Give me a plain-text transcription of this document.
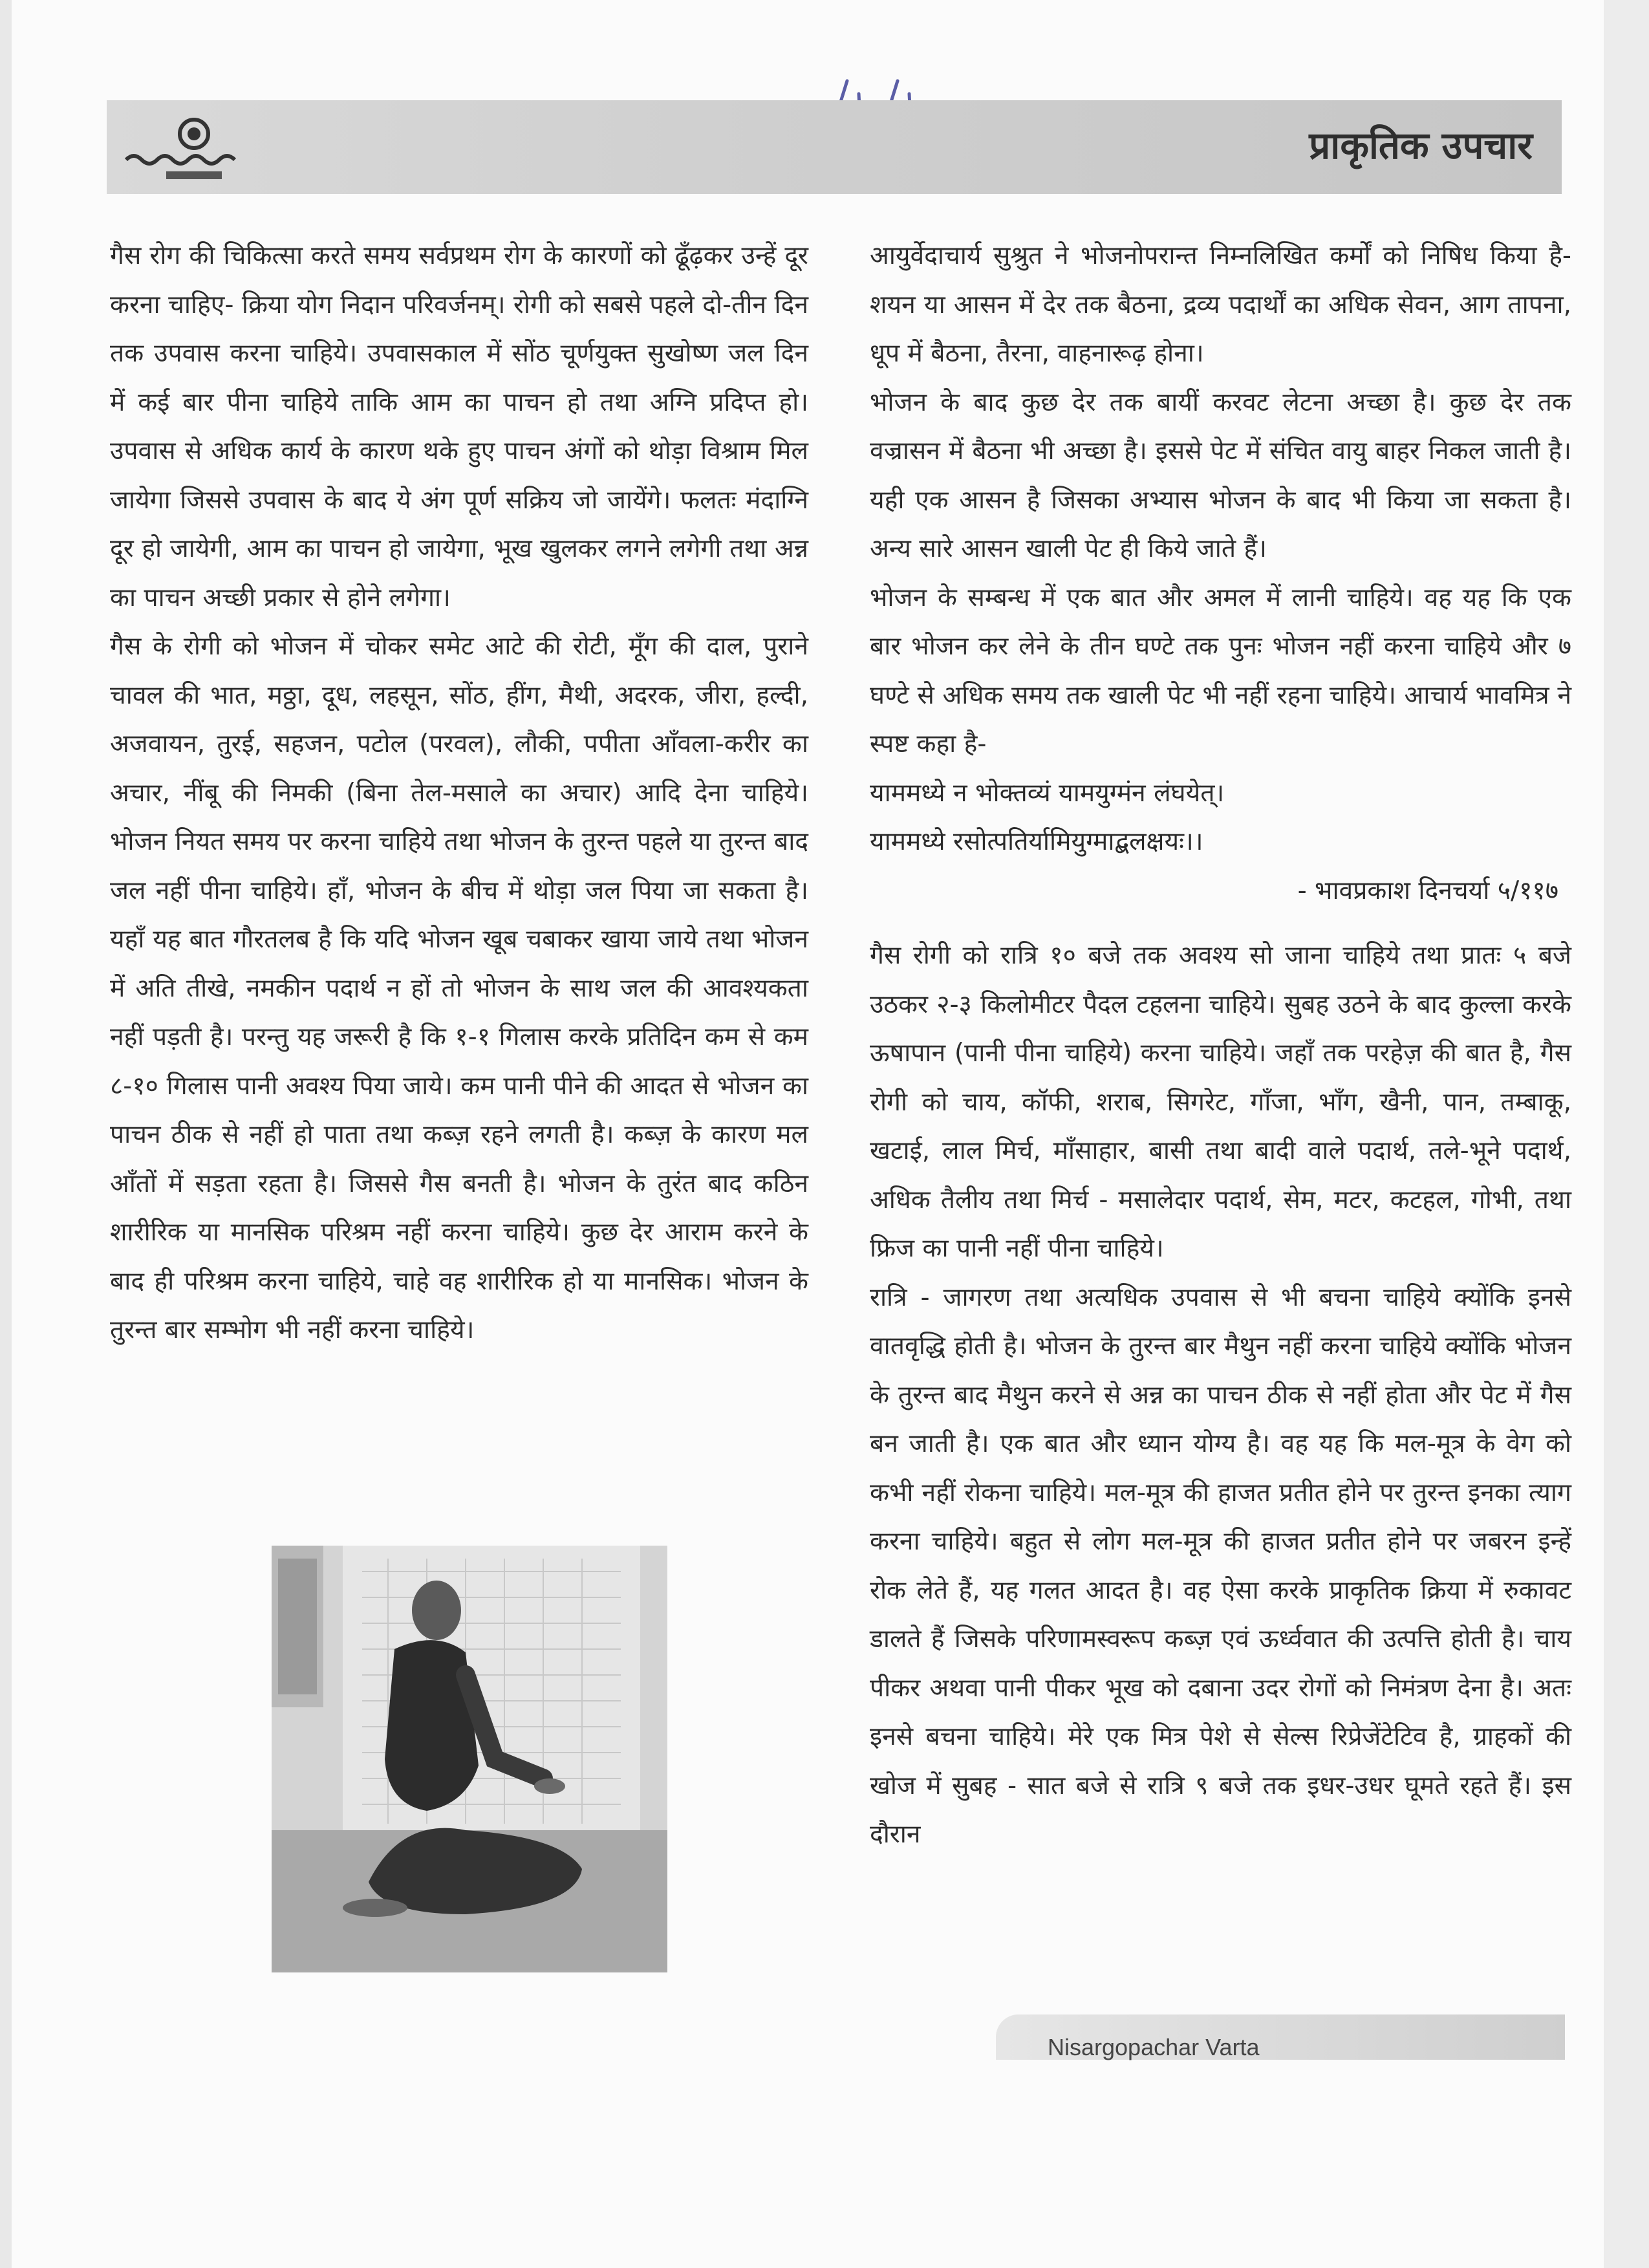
प्राकृतिक उपचार

गैस रोग की चिकित्सा करते समय सर्वप्रथम रोग के कारणों को ढूँढ़कर उन्हें दूर करना चाहिए- क्रिया योग निदान परिवर्जनम्। रोगी को सबसे पहले दो-तीन दिन तक उपवास करना चाहिये। उपवासकाल में सोंठ चूर्णयुक्त सुखोष्ण जल दिन में कई बार पीना चाहिये ताकि आम का पाचन हो तथा अग्नि प्रदिप्त हो। उपवास से अधिक कार्य के कारण थके हुए पाचन अंगों को थोड़ा विश्राम मिल जायेगा जिससे उपवास के बाद ये अंग पूर्ण सक्रिय जो जायेंगे। फलतः मंदाग्नि दूर हो जायेगी, आम का पाचन हो जायेगा, भूख खुलकर लगने लगेगी तथा अन्न का पाचन अच्छी प्रकार से होने लगेगा।

गैस के रोगी को भोजन में चोकर समेट आटे की रोटी, मूँग की दाल, पुराने चावल की भात, मठ्ठा, दूध, लहसून, सोंठ, हींग, मैथी, अदरक, जीरा, हल्दी, अजवायन, तुरई, सहजन, पटोल (परवल), लौकी, पपीता आँवला-करीर का अचार, नींबू की निमकी (बिना तेल-मसाले का अचार) आदि देना चाहिये। भोजन नियत समय पर करना चाहिये तथा भोजन के तुरन्त पहले या तुरन्त बाद जल नहीं पीना चाहिये। हाँ, भोजन के बीच में थोड़ा जल पिया जा सकता है। यहाँ यह बात गौरतलब है कि यदि भोजन खूब चबाकर खाया जाये तथा भोजन में अति तीखे, नमकीन पदार्थ न हों तो भोजन के साथ जल की आवश्यकता नहीं पड़ती है। परन्तु यह जरूरी है कि १-१ गिलास करके प्रतिदिन कम से कम ८-१० गिलास पानी अवश्य पिया जाये। कम पानी पीने की आदत से भोजन का पाचन ठीक से नहीं हो पाता तथा कब्ज़ रहने लगती है। कब्ज़ के कारण मल आँतों में सड़ता रहता है। जिससे गैस बनती है। भोजन के तुरंत बाद कठिन शारीरिक या मानसिक परिश्रम नहीं करना चाहिये। कुछ देर आराम करने के बाद ही परिश्रम करना चाहिये, चाहे वह शारीरिक हो या मानसिक। भोजन के तुरन्त बार सम्भोग भी नहीं करना चाहिये।

आयुर्वेदाचार्य सुश्रुत ने भोजनोपरान्त निम्नलिखित कर्मों को निषिध किया है- शयन या आसन में देर तक बैठना, द्रव्य पदार्थों का अधिक सेवन, आग तापना, धूप में बैठना, तैरना, वाहनारूढ़ होना।

भोजन के बाद कुछ देर तक बायीं करवट लेटना अच्छा है। कुछ देर तक वज्रासन में बैठना भी अच्छा है। इससे पेट में संचित वायु बाहर निकल जाती है। यही एक आसन है जिसका अभ्यास भोजन के बाद भी किया जा सकता है। अन्य सारे आसन खाली पेट ही किये जाते हैं।

भोजन के सम्बन्ध में एक बात और अमल में लानी चाहिये। वह यह कि एक बार भोजन कर लेने के तीन घण्टे तक पुनः भोजन नहीं करना चाहिये और ७ घण्टे से अधिक समय तक खाली पेट भी नहीं रहना चाहिये। आचार्य भावमित्र ने स्पष्ट कहा है-

याममध्ये न भोक्तव्यं यामयुग्मंन लंघयेत्।

याममध्ये रसोत्पतिर्यामियुग्माद्बलक्षयः।।

- भावप्रकाश दिनचर्या ५/११७

गैस रोगी को रात्रि १० बजे तक अवश्य सो जाना चाहिये तथा प्रातः ५ बजे उठकर २-३ किलोमीटर पैदल टहलना चाहिये। सुबह उठने के बाद कुल्ला करके ऊषापान (पानी पीना चाहिये) करना चाहिये। जहाँ तक परहेज़ की बात है, गैस रोगी को चाय, कॉफी, शराब, सिगरेट, गाँजा, भाँग, खैनी, पान, तम्बाकू, खटाई, लाल मिर्च, माँसाहार, बासी तथा बादी वाले पदार्थ, तले-भूने पदार्थ, अधिक तैलीय तथा मिर्च - मसालेदार पदार्थ, सेम, मटर, कटहल, गोभी, तथा फ्रिज का पानी नहीं पीना चाहिये।

रात्रि - जागरण तथा अत्यधिक उपवास से भी बचना चाहिये क्योंकि इनसे वातवृद्धि होती है। भोजन के तुरन्त बार मैथुन नहीं करना चाहिये क्योंकि भोजन के तुरन्त बाद मैथुन करने से अन्न का पाचन ठीक से नहीं होता और पेट में गैस बन जाती है। एक बात और ध्यान योग्य है। वह यह कि मल-मूत्र के वेग को कभी नहीं रोकना चाहिये। मल-मूत्र की हाजत प्रतीत होने पर तुरन्त इनका त्याग करना चाहिये। बहुत से लोग मल-मूत्र की हाजत प्रतीत होने पर जबरन इन्हें रोक लेते हैं, यह गलत आदत है। वह ऐसा करके प्राकृतिक क्रिया में रुकावट डालते हैं जिसके परिणामस्वरूप कब्ज़ एवं ऊर्ध्ववात की उत्पत्ति होती है। चाय पीकर अथवा पानी पीकर भूख को दबाना उदर रोगों को निमंत्रण देना है। अतः इनसे बचना चाहिये। मेरे एक मित्र पेशे से सेल्स रिप्रेजेंटेटिव है, ग्राहकों की खोज में सुबह - सात बजे से रात्रि ९ बजे तक इधर-उधर घूमते रहते हैं। इस दौरान

Nisargopachar Varta
